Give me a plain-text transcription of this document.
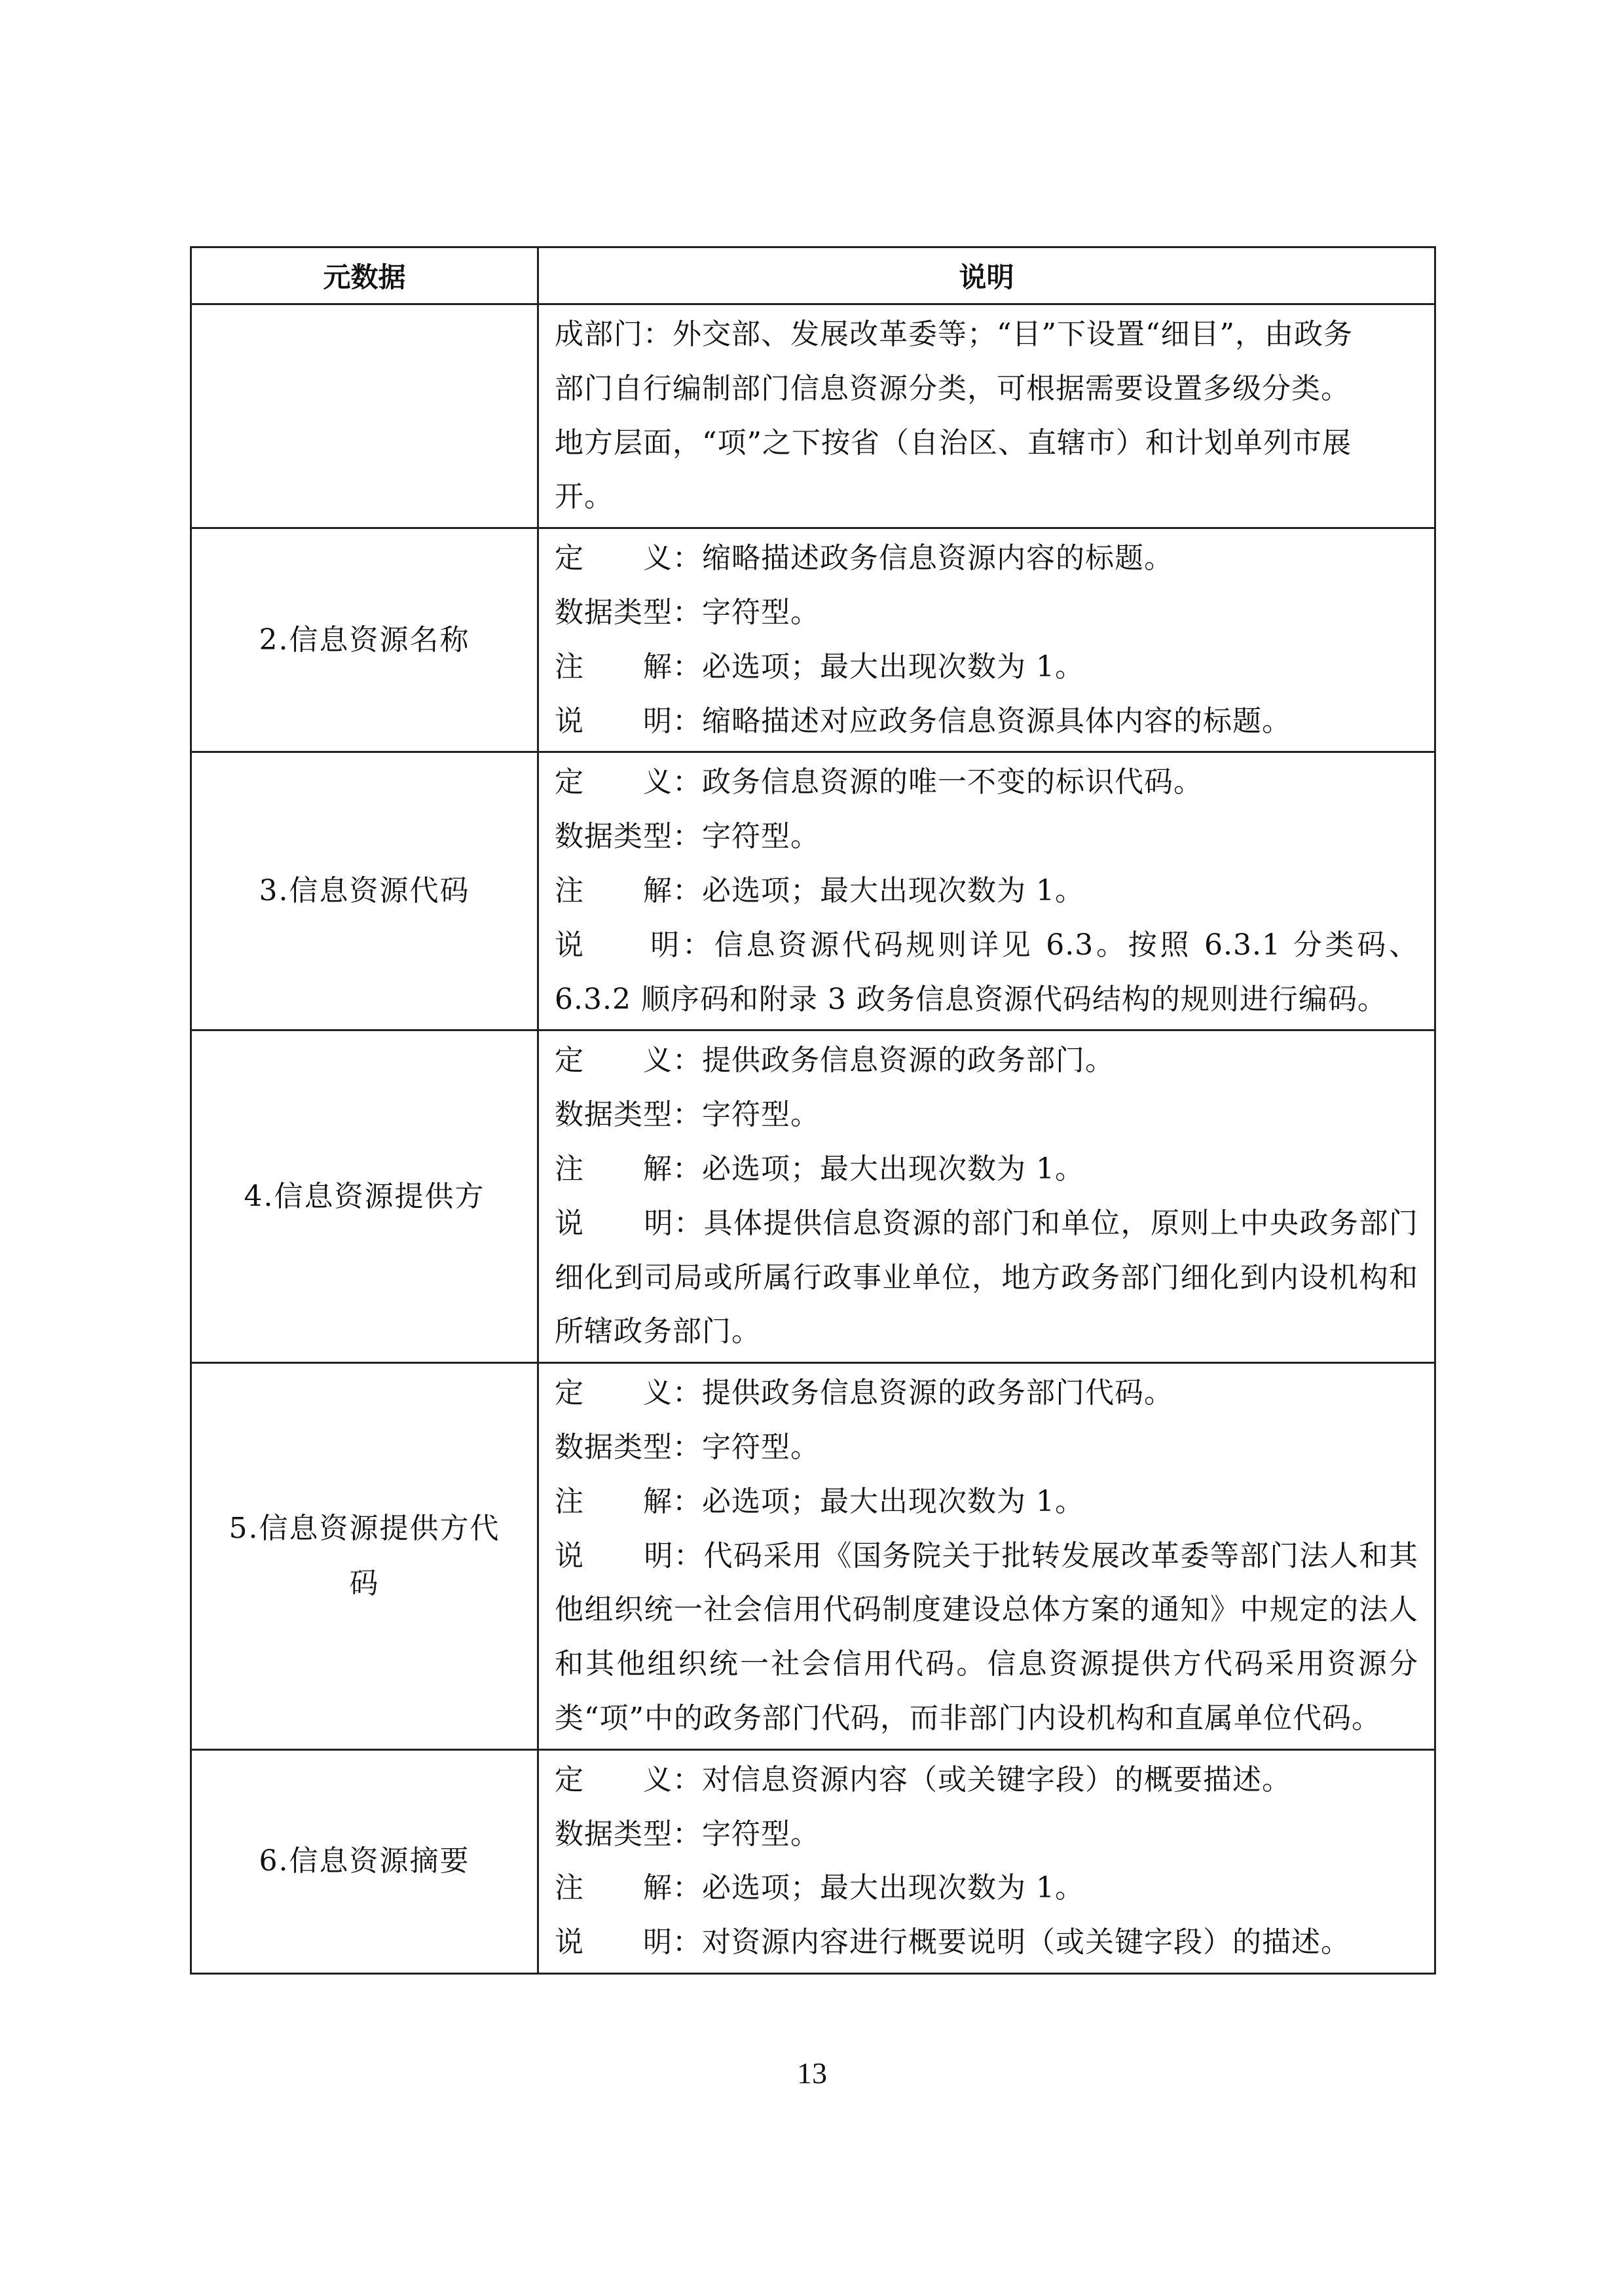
元数据	说明

	成部门：外交部、发展改革委等；“目”下设置“细目”，由政务
部门自行编制部门信息资源分类，可根据需要设置多级分类。
地方层面，“项”之下按省（自治区、直辖市）和计划单列市展
开。

2.信息资源名称	定　　义：缩略描述政务信息资源内容的标题。
数据类型：字符型。
注　　解：必选项；最大出现次数为 1。
说　　明：缩略描述对应政务信息资源具体内容的标题。

3.信息资源代码	定　　义：政务信息资源的唯一不变的标识代码。
数据类型：字符型。
注　　解：必选项；最大出现次数为 1。
说　　明：信息资源代码规则详见 6.3。按照 6.3.1 分类码、6.3.2 顺序码和附录 3 政务信息资源代码结构的规则进行编码。

4.信息资源提供方	定　　义：提供政务信息资源的政务部门。
数据类型：字符型。
注　　解：必选项；最大出现次数为 1。
说　　明：具体提供信息资源的部门和单位，原则上中央政务部门细化到司局或所属行政事业单位，地方政务部门细化到内设机构和所辖政务部门。

5.信息资源提供方代码	定　　义：提供政务信息资源的政务部门代码。
数据类型：字符型。
注　　解：必选项；最大出现次数为 1。
说　　明：代码采用《国务院关于批转发展改革委等部门法人和其他组织统一社会信用代码制度建设总体方案的通知》中规定的法人和其他组织统一社会信用代码。信息资源提供方代码采用资源分类“项”中的政务部门代码，而非部门内设机构和直属单位代码。

6.信息资源摘要	定　　义：对信息资源内容（或关键字段）的概要描述。
数据类型：字符型。
注　　解：必选项；最大出现次数为 1。
说　　明：对资源内容进行概要说明（或关键字段）的描述。
13
